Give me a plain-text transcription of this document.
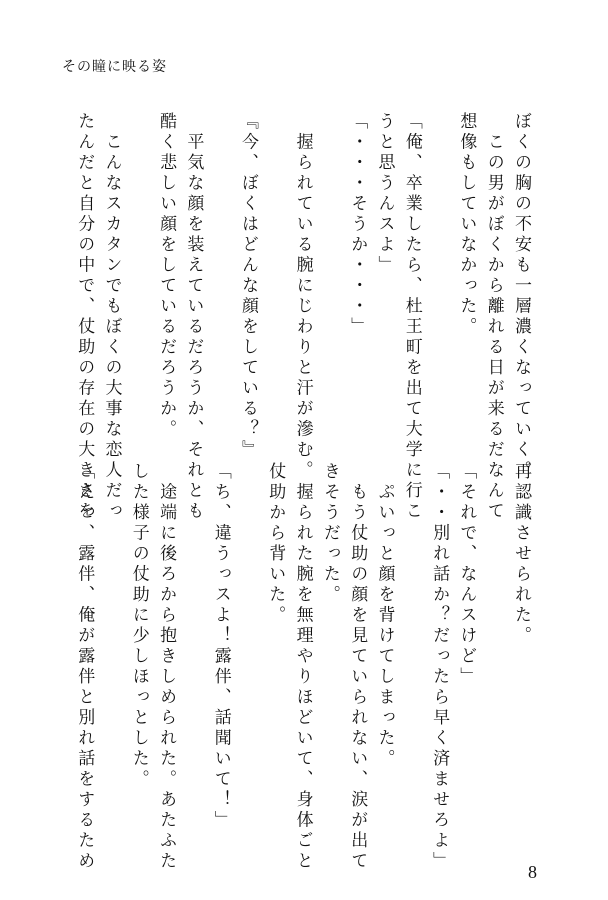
その瞳に映る姿
ぼくの胸の不安も一層濃くなっていく。
　この男がぼくから離れる日が来るだなんて
想像もしていなかった。
「俺、卒業したら、杜王町を出て大学に行こ
うと思うんスよ」
「・・・そうか・・・」
　握られている腕にじわりと汗が滲む。
『今、ぼくはどんな顔をしている？』
　平気な顔を装えているだろうか、それとも
酷く悲しい顔をしているだろうか。
　こんなスカタンでもぼくの大事な恋人だっ
たんだと自分の中で、仗助の存在の大きさを
再認識させられた。
「それで、なんスけど」
「・・別れ話か？だったら早く済ませろよ」
　ぷいっと顔を背けてしまった。
　もう仗助の顔を見ていられない、涙が出て
きそうだった。
　握られた腕を無理やりほどいて、身体ごと
仗助から背いた。
「ち、違うっスよ！露伴、話聞いて！」
　途端に後ろから抱きしめられた。あたふた
した様子の仗助に少しほっとした。
「えっ、露伴、俺が露伴と別れ話をするため	8
